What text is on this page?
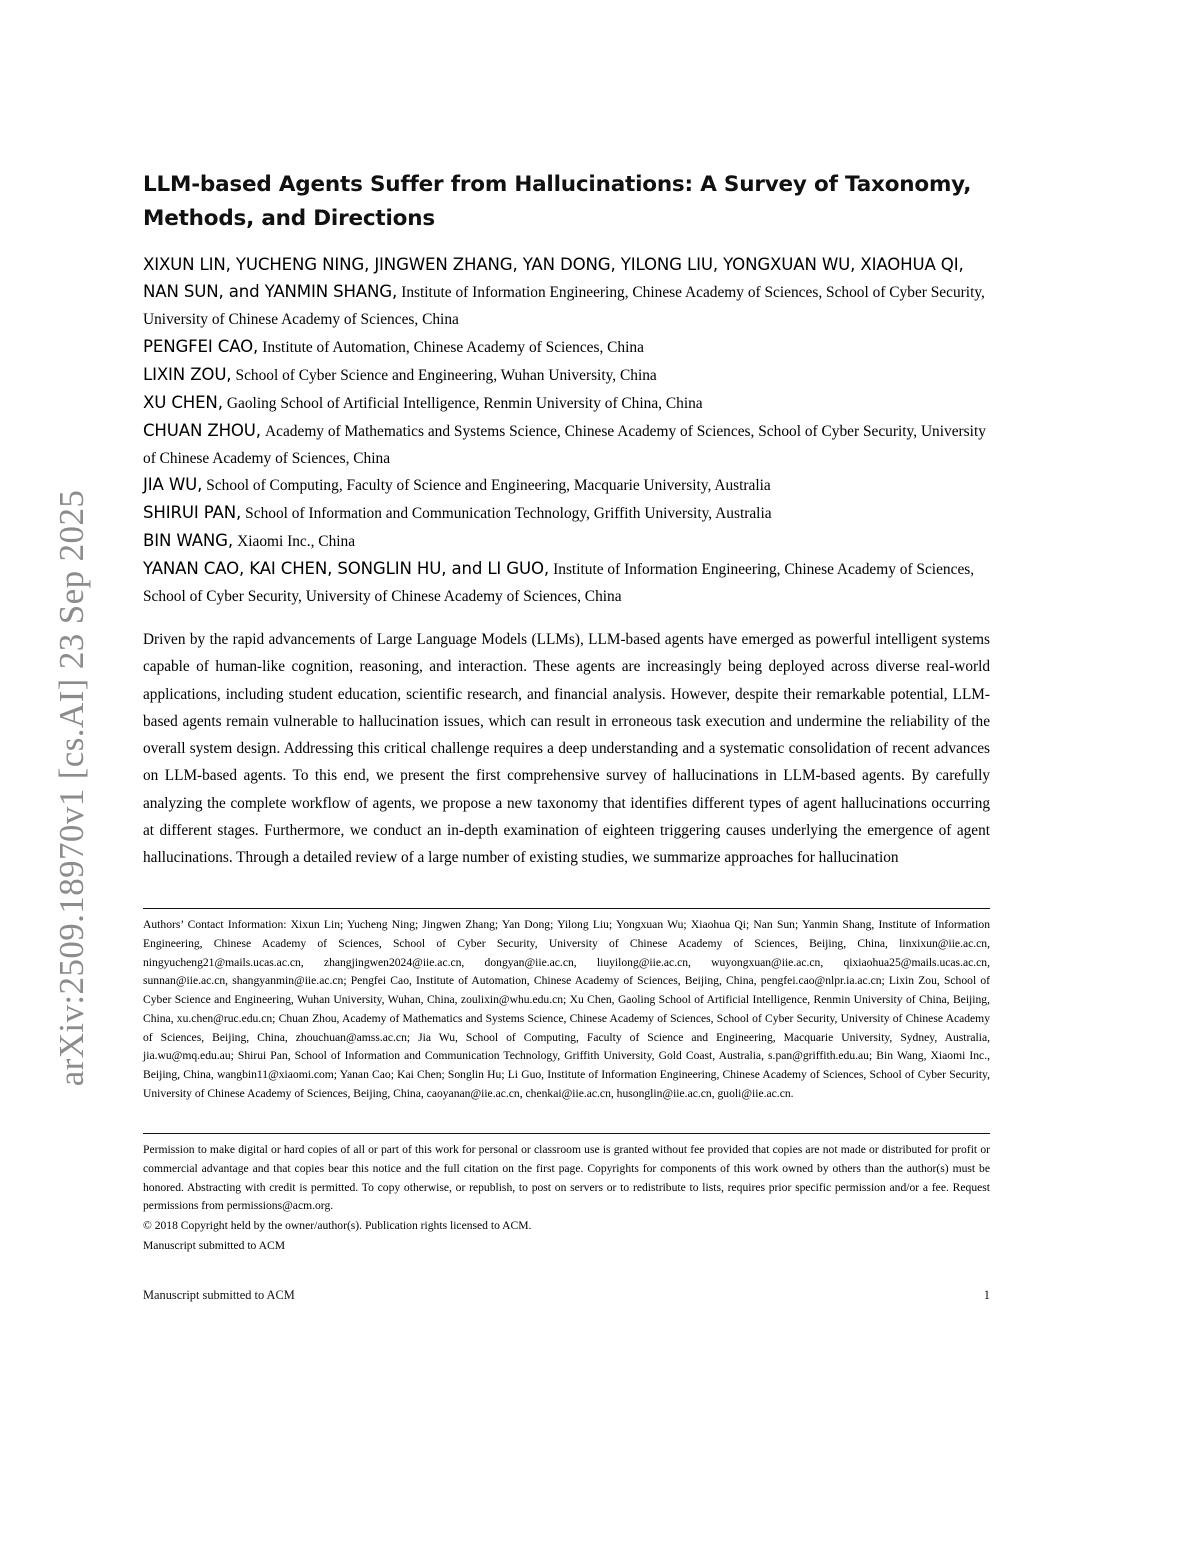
arXiv:2509.18970v1 [cs.AI] 23 Sep 2025
LLM-based Agents Suffer from Hallucinations: A Survey of Taxonomy, Methods, and Directions

XIXUN LIN, YUCHENG NING, JINGWEN ZHANG, YAN DONG, YILONG LIU, YONGXUAN WU, XIAOHUA QI, NAN SUN, and YANMIN SHANG, Institute of Information Engineering, Chinese Academy of Sciences, School of Cyber Security, University of Chinese Academy of Sciences, China

PENGFEI CAO, Institute of Automation, Chinese Academy of Sciences, China

LIXIN ZOU, School of Cyber Science and Engineering, Wuhan University, China

XU CHEN, Gaoling School of Artificial Intelligence, Renmin University of China, China

CHUAN ZHOU, Academy of Mathematics and Systems Science, Chinese Academy of Sciences, School of Cyber Security, University of Chinese Academy of Sciences, China

JIA WU, School of Computing, Faculty of Science and Engineering, Macquarie University, Australia

SHIRUI PAN, School of Information and Communication Technology, Griffith University, Australia

BIN WANG, Xiaomi Inc., China

YANAN CAO, KAI CHEN, SONGLIN HU, and LI GUO, Institute of Information Engineering, Chinese Academy of Sciences, School of Cyber Security, University of Chinese Academy of Sciences, China

Driven by the rapid advancements of Large Language Models (LLMs), LLM-based agents have emerged as powerful intelligent systems capable of human-like cognition, reasoning, and interaction. These agents are increasingly being deployed across diverse real-world applications, including student education, scientific research, and financial analysis. However, despite their remarkable potential, LLM-based agents remain vulnerable to hallucination issues, which can result in erroneous task execution and undermine the reliability of the overall system design. Addressing this critical challenge requires a deep understanding and a systematic consolidation of recent advances on LLM-based agents. To this end, we present the first comprehensive survey of hallucinations in LLM-based agents. By carefully analyzing the complete workflow of agents, we propose a new taxonomy that identifies different types of agent hallucinations occurring at different stages. Furthermore, we conduct an in-depth examination of eighteen triggering causes underlying the emergence of agent hallucinations. Through a detailed review of a large number of existing studies, we summarize approaches for hallucination
Authors’ Contact Information: Xixun Lin; Yucheng Ning; Jingwen Zhang; Yan Dong; Yilong Liu; Yongxuan Wu; Xiaohua Qi; Nan Sun; Yanmin Shang, Institute of Information Engineering, Chinese Academy of Sciences, School of Cyber Security, University of Chinese Academy of Sciences, Beijing, China, linxixun@iie.ac.cn, ningyucheng21@mails.ucas.ac.cn, zhangjingwen2024@iie.ac.cn, dongyan@iie.ac.cn, liuyilong@iie.ac.cn, wuyongxuan@iie.ac.cn, qixiaohua25@mails.ucas.ac.cn, sunnan@iie.ac.cn, shangyanmin@iie.ac.cn; Pengfei Cao, Institute of Automation, Chinese Academy of Sciences, Beijing, China, pengfei.cao@nlpr.ia.ac.cn; Lixin Zou, School of Cyber Science and Engineering, Wuhan University, Wuhan, China, zoulixin@whu.edu.cn; Xu Chen, Gaoling School of Artificial Intelligence, Renmin University of China, Beijing, China, xu.chen@ruc.edu.cn; Chuan Zhou, Academy of Mathematics and Systems Science, Chinese Academy of Sciences, School of Cyber Security, University of Chinese Academy of Sciences, Beijing, China, zhouchuan@amss.ac.cn; Jia Wu, School of Computing, Faculty of Science and Engineering, Macquarie University, Sydney, Australia, jia.wu@mq.edu.au; Shirui Pan, School of Information and Communication Technology, Griffith University, Gold Coast, Australia, s.pan@griffith.edu.au; Bin Wang, Xiaomi Inc., Beijing, China, wangbin11@xiaomi.com; Yanan Cao; Kai Chen; Songlin Hu; Li Guo, Institute of Information Engineering, Chinese Academy of Sciences, School of Cyber Security, University of Chinese Academy of Sciences, Beijing, China, caoyanan@iie.ac.cn, chenkai@iie.ac.cn, husonglin@iie.ac.cn, guoli@iie.ac.cn.
Permission to make digital or hard copies of all or part of this work for personal or classroom use is granted without fee provided that copies are not made or distributed for profit or commercial advantage and that copies bear this notice and the full citation on the first page. Copyrights for components of this work owned by others than the author(s) must be honored. Abstracting with credit is permitted. To copy otherwise, or republish, to post on servers or to redistribute to lists, requires prior specific permission and/or a fee. Request permissions from permissions@acm.org.
© 2018 Copyright held by the owner/author(s). Publication rights licensed to ACM.
Manuscript submitted to ACM
Manuscript submitted to ACM	1
